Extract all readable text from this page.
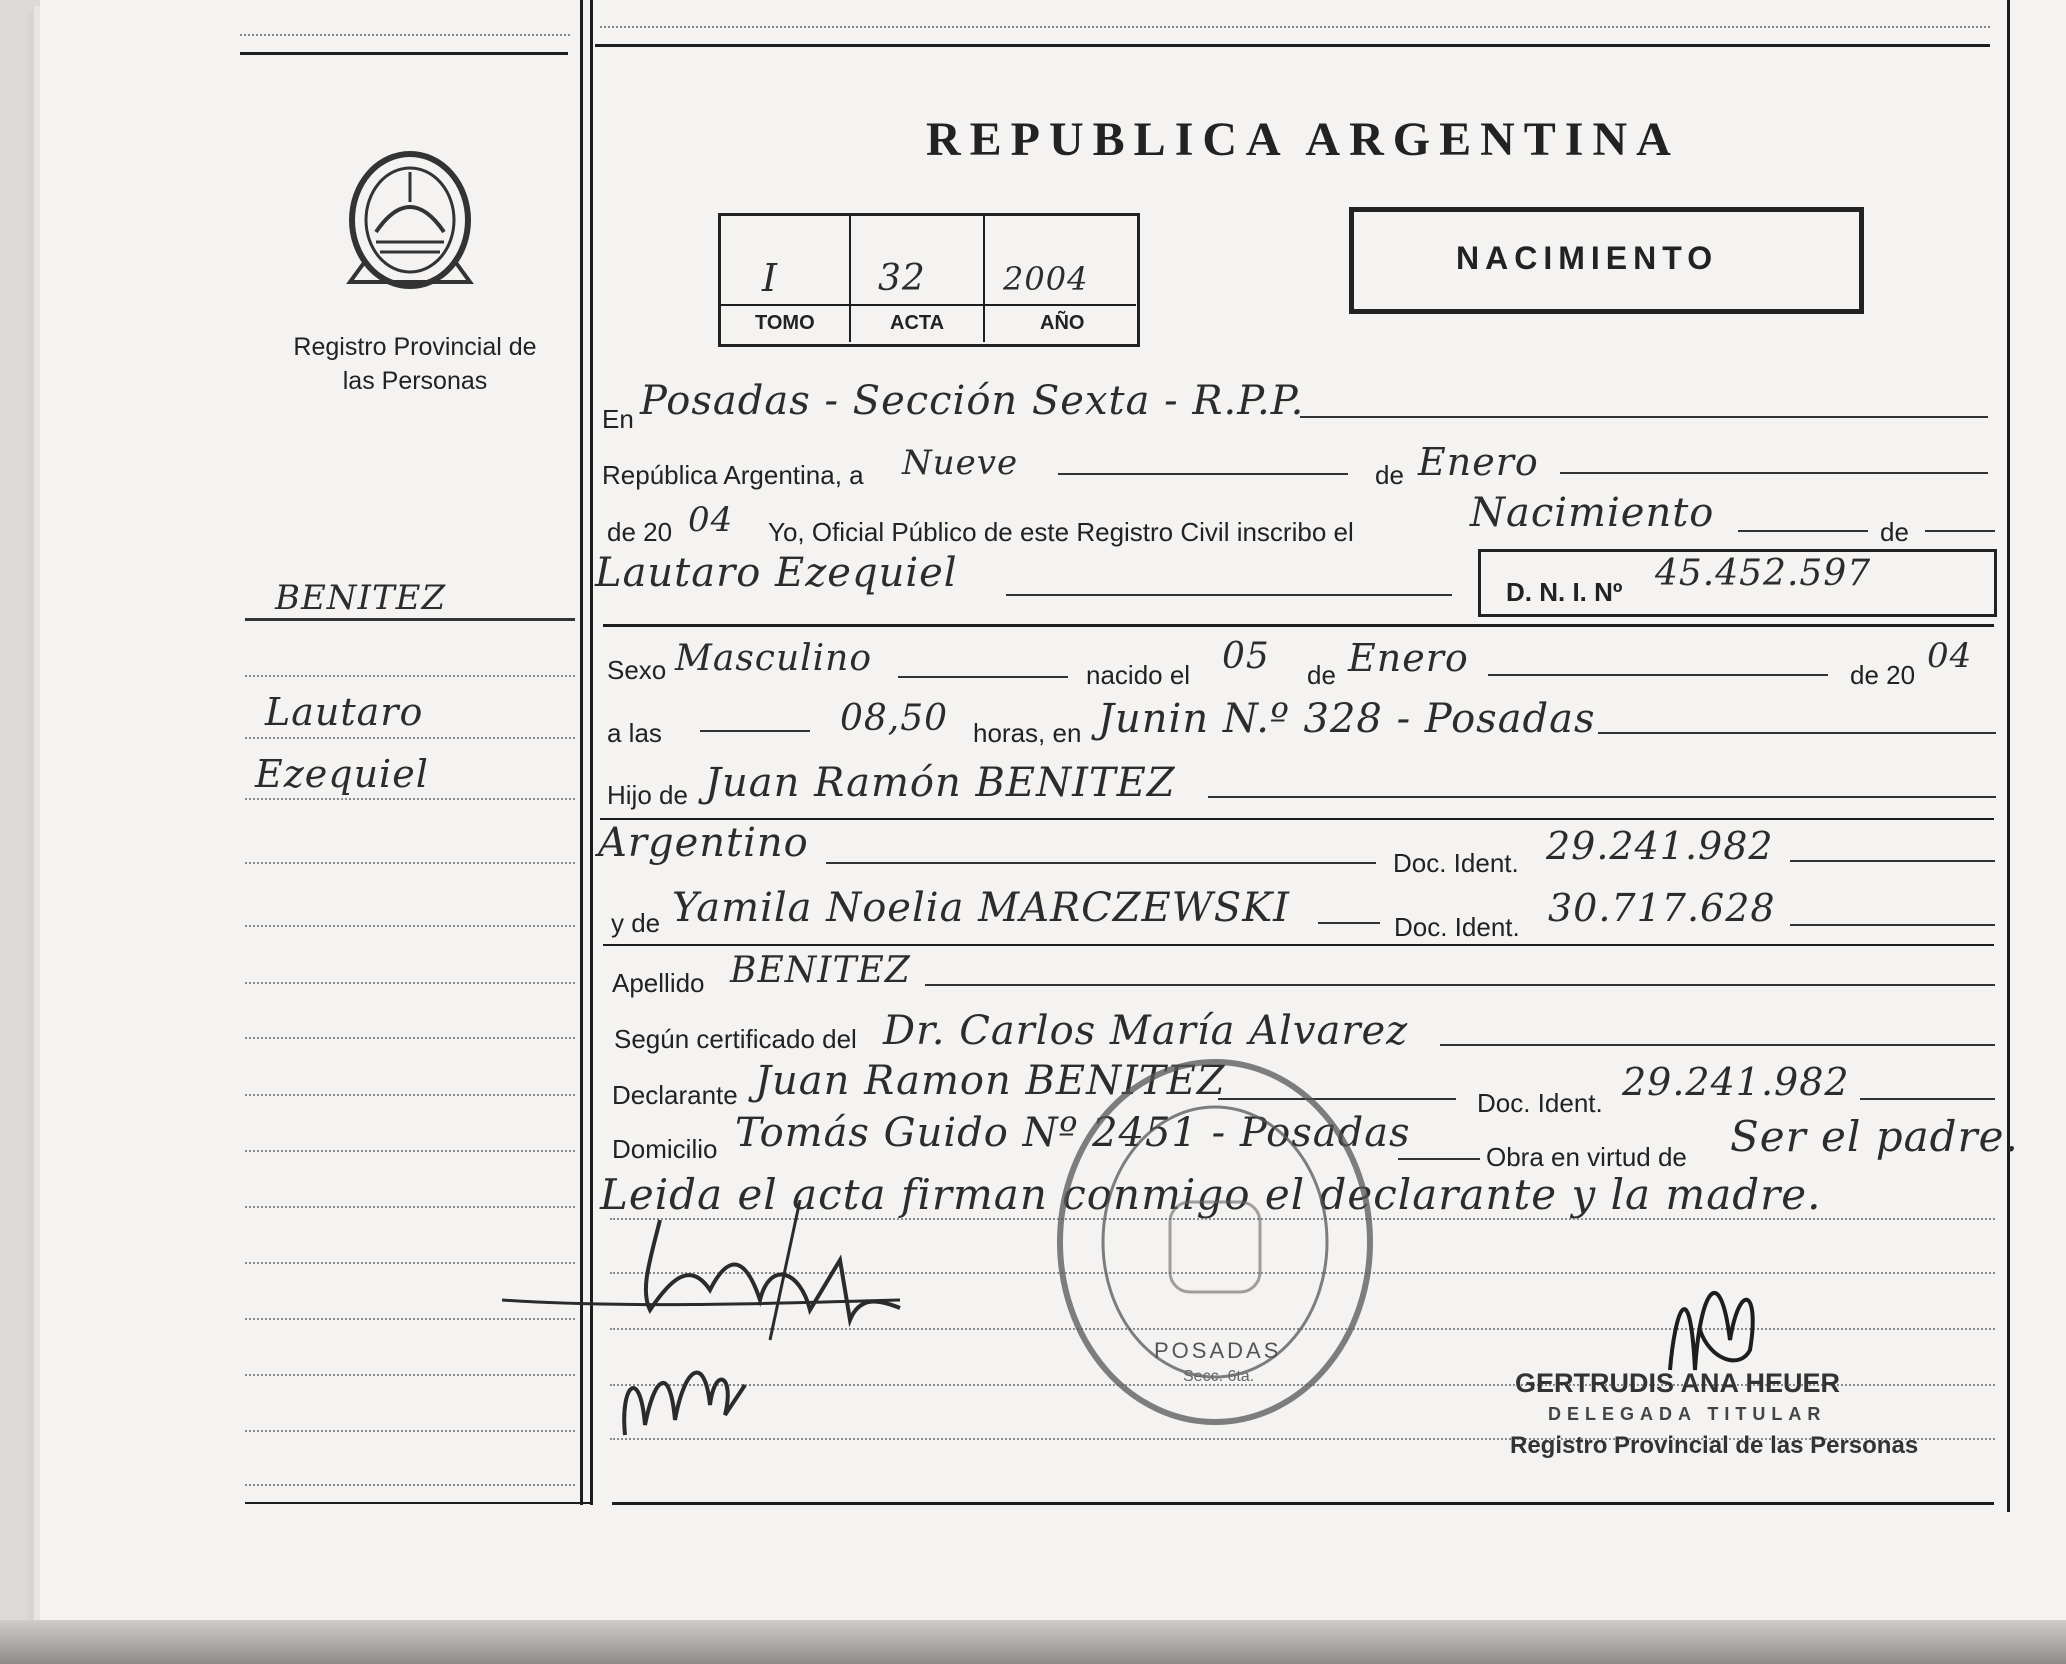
Registro Provincial de las Personas
BENITEZ
Lautaro
Ezequiel
REPUBLICA ARGENTINA
I	32 2004
TOMO	ACTA	AÑO
NACIMIENTO
En Posadas - Sección Sexta - R.P.P.
República Argentina, a Nueve	de Enero
de 20 04 Yo, Oficial Público de este Registro Civil inscribo el	Nacimiento	de
Lautaro Ezequiel	D. N. I. Nº 45.452.597
Sexo Masculino	nacido el 05 de Enero	de 20 04
a las	08,50 horas, en Junin N.º 328 - Posadas
Hijo de Juan Ramón BENITEZ
Argentino	Doc. Ident. 29.241.982
y de Yamila Noelia MARCZEWSKI	Doc. Ident. 30.717.628
Apellido BENITEZ
Según certificado del Dr. Carlos María Alvarez
Declarante Juan Ramon BENITEZ	Doc. Ident. 29.241.982
Domicilio Tomás Guido Nº 2451 - Posadas
Obra en virtud de Ser el padre.
Leida el acta firman conmigo el declarante y la madre.
POSADAS
Secc. 6ta.	GERTRUDIS ANA HEUER
DELEGADA TITULAR
Registro Provincial de las Personas
